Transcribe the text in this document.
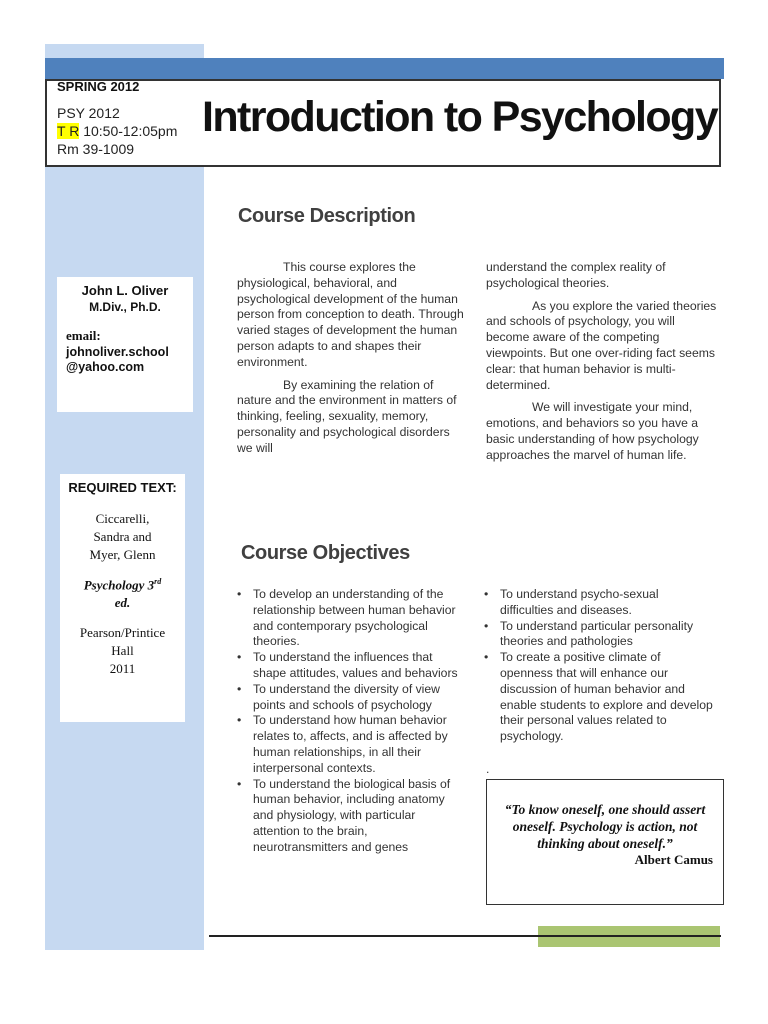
SPRING 2012
PSY 2012
T R 10:50-12:05pm
Rm 39-1009
Introduction to Psychology
John L. Oliver
M.Div., Ph.D.
email:
johnoliver.school
@yahoo.com
REQUIRED TEXT:
Ciccarelli,
Sandra and
Myer, Glenn
Psychology 3rd
ed.
Pearson/Printice
Hall
2011
Course Description
This course explores the physiological, behavioral, and psychological development of the human person from conception to death. Through varied stages of development the human person adapts to and shapes their environment.
By examining the relation of nature and the environment in matters of thinking, feeling, sexuality, memory, personality and psychological disorders we will
understand the complex reality of psychological theories.
As you explore the varied theories and schools of psychology, you will become aware of the competing viewpoints. But one over-riding fact seems clear: that human behavior is multi-determined.
We will investigate your mind, emotions, and behaviors so you have a basic understanding of how psychology approaches the marvel of human life.
Course Objectives
• To develop an understanding of the relationship between human behavior and contemporary psychological theories.
• To understand the influences that shape attitudes, values and behaviors
• To understand the diversity of view points and schools of psychology
• To understand how human behavior relates to, affects, and is affected by human relationships, in all their interpersonal contexts.
• To understand the biological basis of human behavior, including anatomy and physiology, with particular attention to the brain, neurotransmitters and genes
• To understand psycho-sexual difficulties and diseases.
• To understand particular personality theories and pathologies
• To create a positive climate of openness that will enhance our discussion of human behavior and enable students to explore and develop their personal values related to psychology.
.
“To know oneself, one should assert oneself. Psychology is action, not thinking about oneself.”
Albert Camus
